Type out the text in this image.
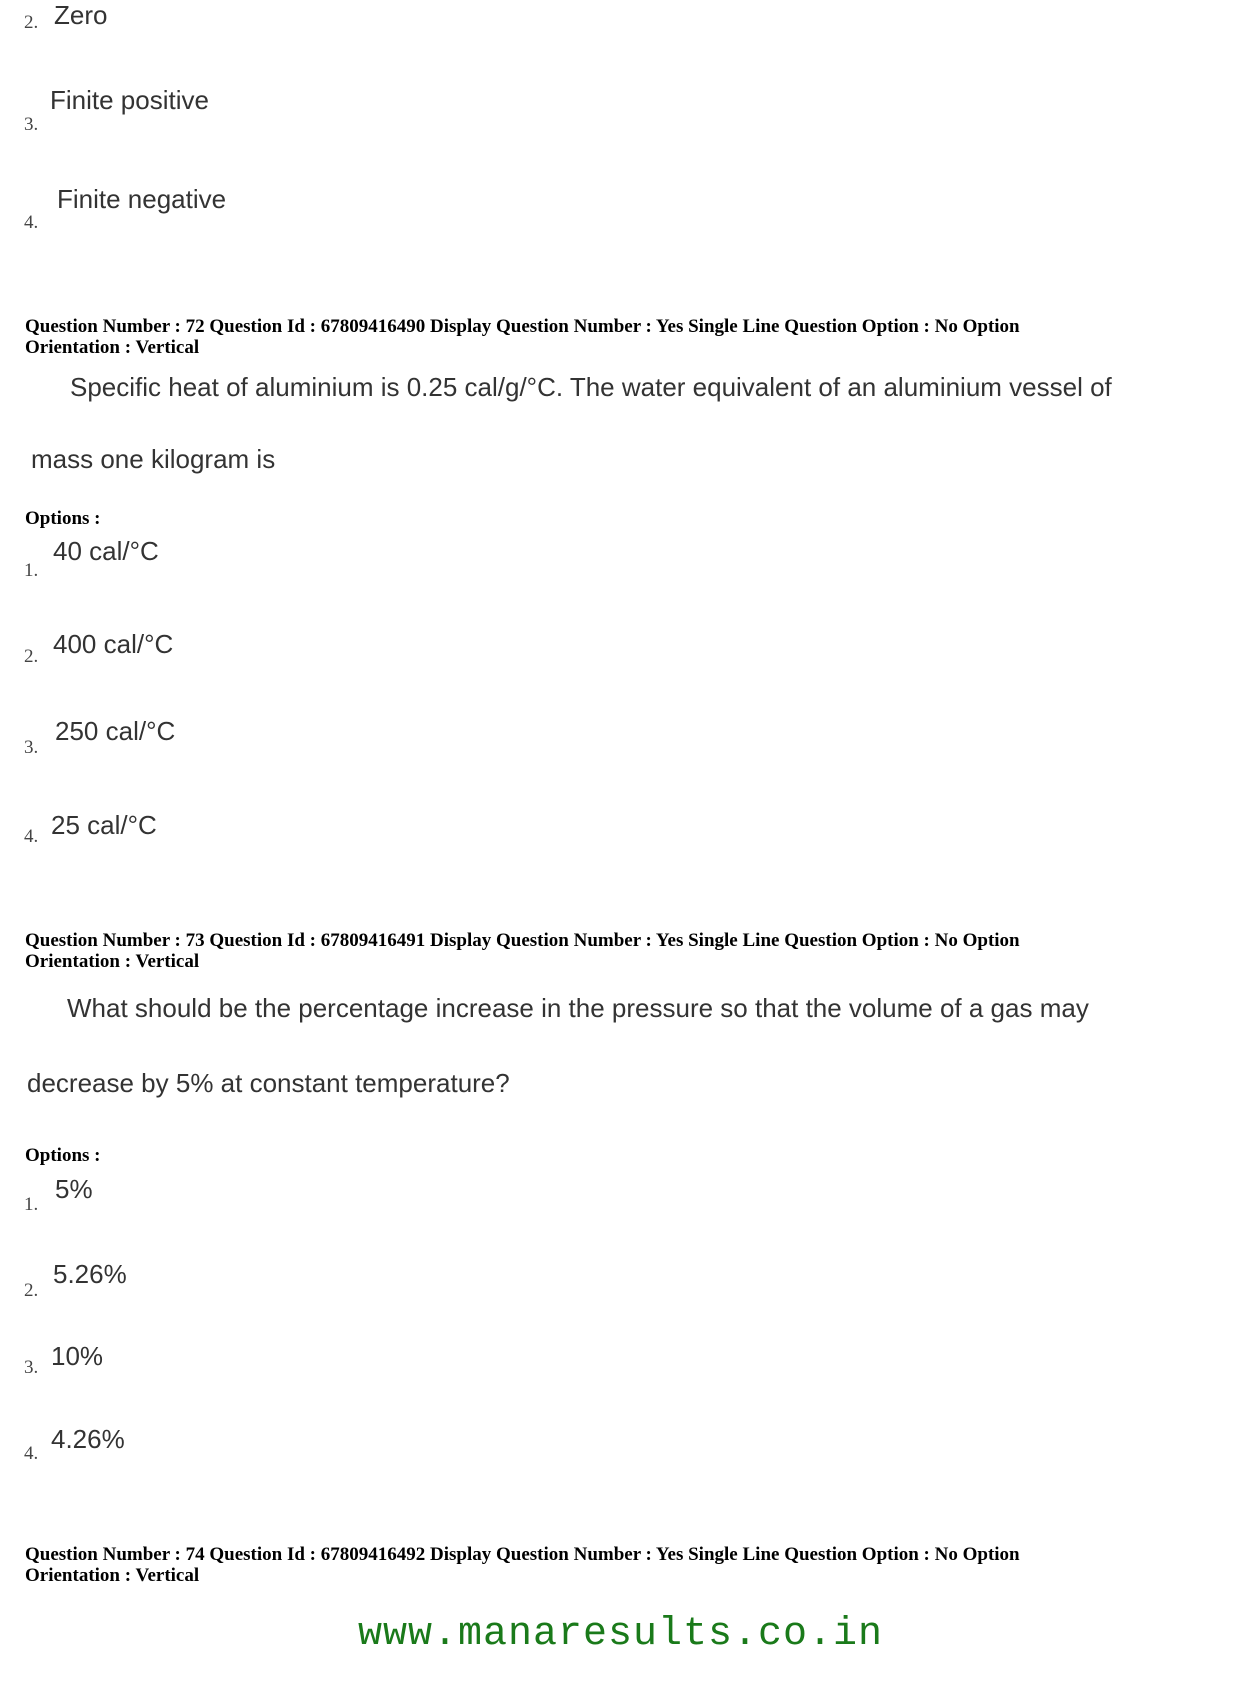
2. Zero
3.
Finite positive
4.
Finite negative
Question Number : 72 Question Id : 67809416490 Display Question Number : Yes Single Line Question Option : No Option
Orientation : Vertical
Specific heat of aluminium is 0.25 cal/g/°C. The water equivalent of an aluminium vessel of
mass one kilogram is
Options :
1.
40 cal/°C
2. 400 cal/°C
3.
250 cal/°C
4. 25 cal/°C
Question Number : 73 Question Id : 67809416491 Display Question Number : Yes Single Line Question Option : No Option
Orientation : Vertical
What should be the percentage increase in the pressure so that the volume of a gas may
decrease by 5% at constant temperature?
Options :
1.
5%
2.
5.26%
3. 10%
4. 4.26%
Question Number : 74 Question Id : 67809416492 Display Question Number : Yes Single Line Question Option : No Option
Orientation : Vertical
www.manaresults.co.in
